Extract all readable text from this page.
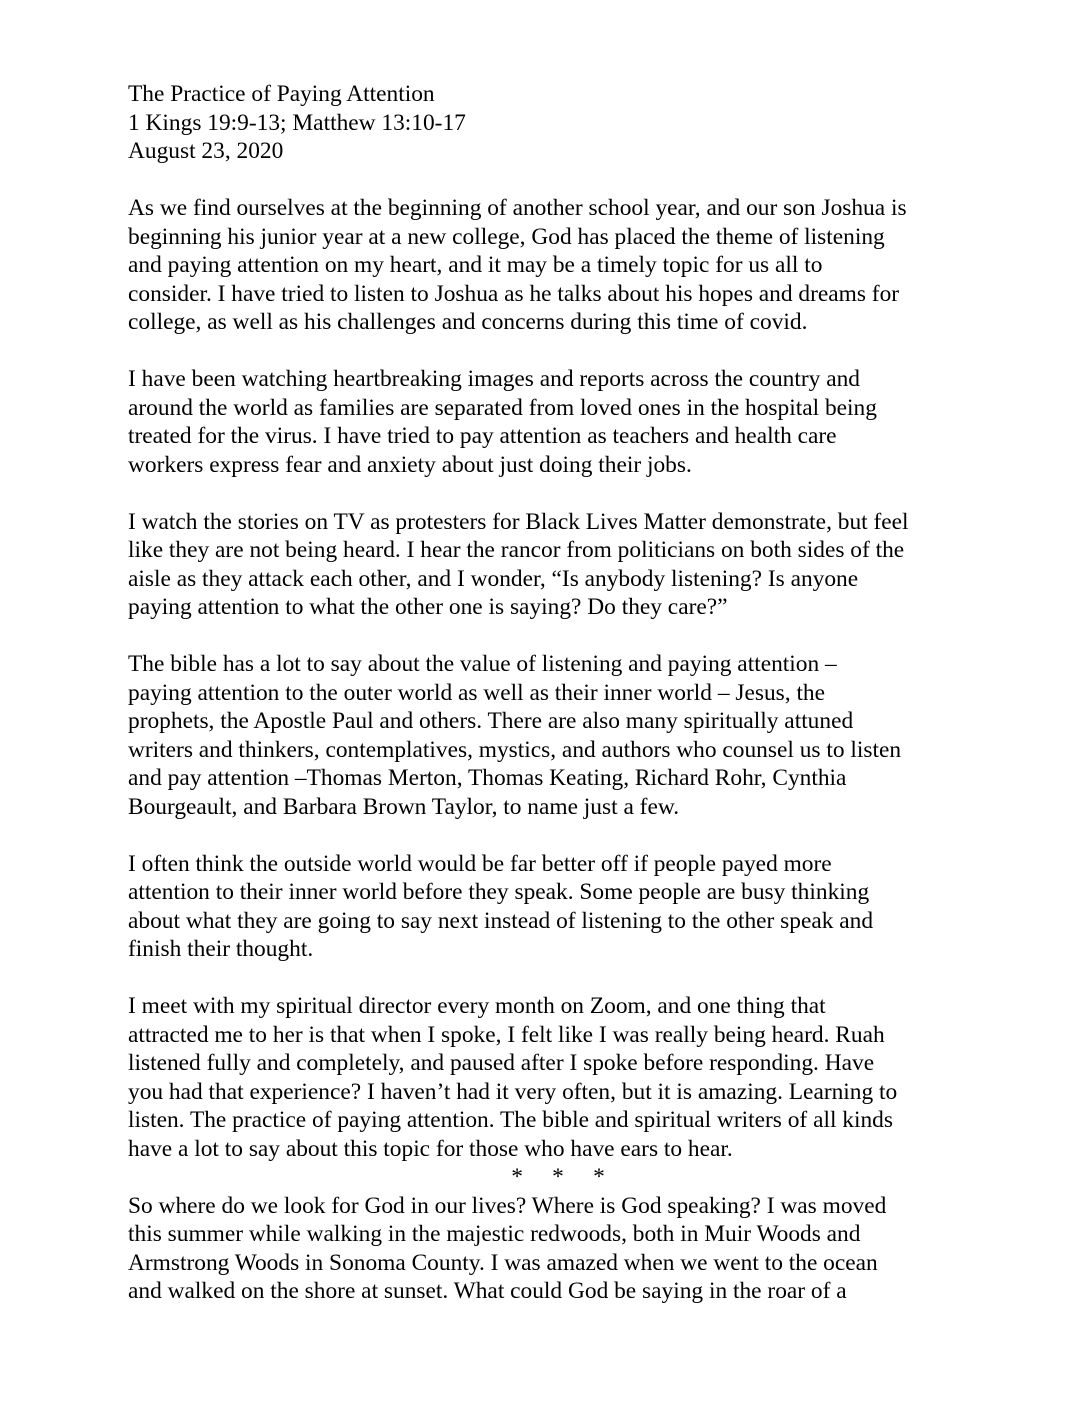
The Practice of Paying Attention
1 Kings 19:9-13; Matthew 13:10-17
August 23, 2020
As we find ourselves at the beginning of another school year, and our son Joshua is
beginning his junior year at a new college, God has placed the theme of listening
and paying attention on my heart, and it may be a timely topic for us all to
consider. I have tried to listen to Joshua as he talks about his hopes and dreams for
college, as well as his challenges and concerns during this time of covid.
I have been watching heartbreaking images and reports across the country and
around the world as families are separated from loved ones in the hospital being
treated for the virus. I have tried to pay attention as teachers and health care
workers express fear and anxiety about just doing their jobs.
I watch the stories on TV as protesters for Black Lives Matter demonstrate, but feel
like they are not being heard. I hear the rancor from politicians on both sides of the
aisle as they attack each other, and I wonder, “Is anybody listening? Is anyone
paying attention to what the other one is saying? Do they care?”
The bible has a lot to say about the value of listening and paying attention –
paying attention to the outer world as well as their inner world – Jesus, the
prophets, the Apostle Paul and others. There are also many spiritually attuned
writers and thinkers, contemplatives, mystics, and authors who counsel us to listen
and pay attention –Thomas Merton, Thomas Keating, Richard Rohr, Cynthia
Bourgeault, and Barbara Brown Taylor, to name just a few.
I often think the outside world would be far better off if people payed more
attention to their inner world before they speak. Some people are busy thinking
about what they are going to say next instead of listening to the other speak and
finish their thought.
I meet with my spiritual director every month on Zoom, and one thing that
attracted me to her is that when I spoke, I felt like I was really being heard. Ruah
listened fully and completely, and paused after I spoke before responding. Have
you had that experience? I haven’t had it very often, but it is amazing. Learning to
listen. The practice of paying attention. The bible and spiritual writers of all kinds
have a lot to say about this topic for those who have ears to hear.
*     *     *
So where do we look for God in our lives? Where is God speaking? I was moved
this summer while walking in the majestic redwoods, both in Muir Woods and
Armstrong Woods in Sonoma County. I was amazed when we went to the ocean
and walked on the shore at sunset. What could God be saying in the roar of a
